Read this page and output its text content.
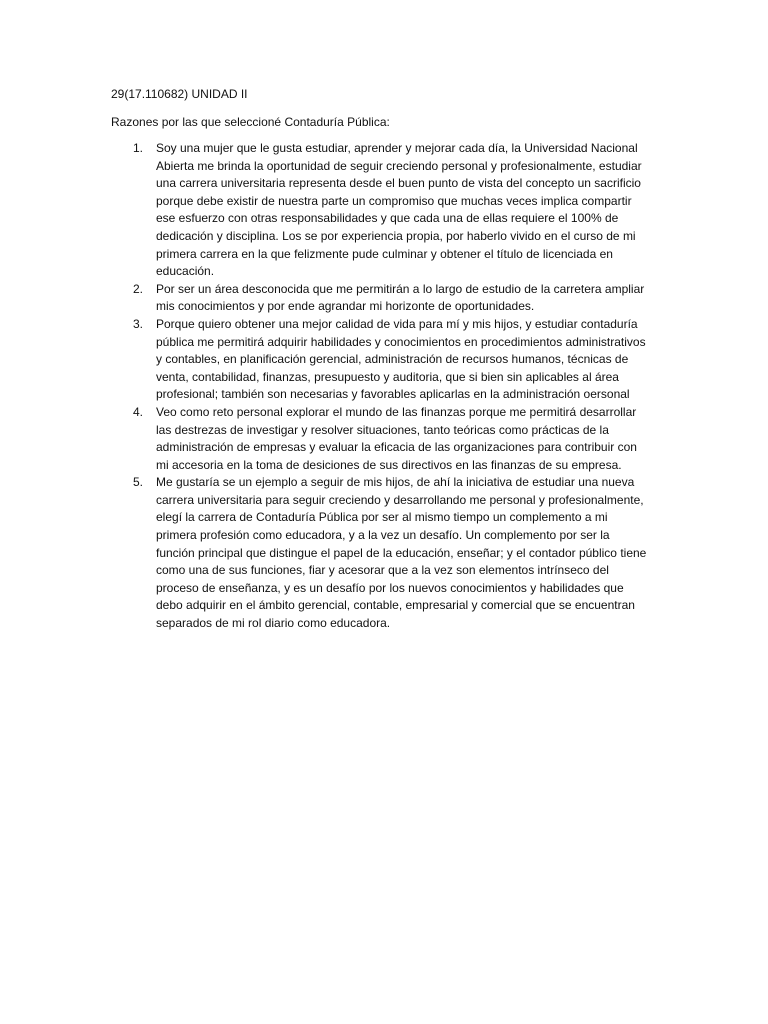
29(17.110682) UNIDAD II
Razones por las que seleccioné Contaduría Pública:
1. Soy una mujer que le gusta estudiar, aprender y mejorar cada día, la Universidad Nacional Abierta me brinda la oportunidad de seguir creciendo personal y profesionalmente, estudiar una carrera universitaria representa desde el buen punto de vista del concepto un sacrificio porque debe existir de nuestra parte un compromiso que muchas veces implica compartir ese esfuerzo con otras responsabilidades y que cada una de ellas requiere el 100% de dedicación y disciplina. Los se por experiencia propia, por haberlo vivido en el curso de mi primera carrera en la que felizmente pude culminar y obtener el título de licenciada en educación.
2. Por ser un área desconocida que me permitirán a lo largo de estudio de la carretera ampliar mis conocimientos y por ende agrandar mi horizonte de oportunidades.
3. Porque quiero obtener una mejor calidad de vida para mí y mis hijos, y estudiar contaduría pública me permitirá adquirir habilidades y conocimientos en procedimientos administrativos y contables, en planificación gerencial, administración de recursos humanos, técnicas de venta, contabilidad, finanzas, presupuesto y auditoria, que si bien sin aplicables al área profesional; también son necesarias y favorables aplicarlas en la administración oersonal
4. Veo como reto personal explorar el mundo de las finanzas porque me permitirá desarrollar las destrezas de investigar y resolver situaciones, tanto teóricas como prácticas de la administración de empresas y evaluar la eficacia de las organizaciones para contribuir con mi accesoria en la toma de desiciones de sus directivos en las finanzas de su empresa.
5. Me gustaría se un ejemplo a seguir de mis hijos, de ahí la iniciativa de estudiar una nueva carrera universitaria para seguir creciendo y desarrollando me personal y profesionalmente, elegí la carrera de Contaduría Pública por ser al mismo tiempo un complemento a mi primera profesión como educadora, y a la vez un desafío. Un complemento por ser la función principal que distingue el papel de la educación, enseñar; y el contador público tiene como una de sus funciones, fiar y acesorar que a la vez son elementos intrínseco del proceso de enseñanza, y es un desafío por los nuevos conocimientos y habilidades que debo adquirir en el ámbito gerencial, contable, empresarial y comercial que se encuentran separados de mi rol diario como educadora.
